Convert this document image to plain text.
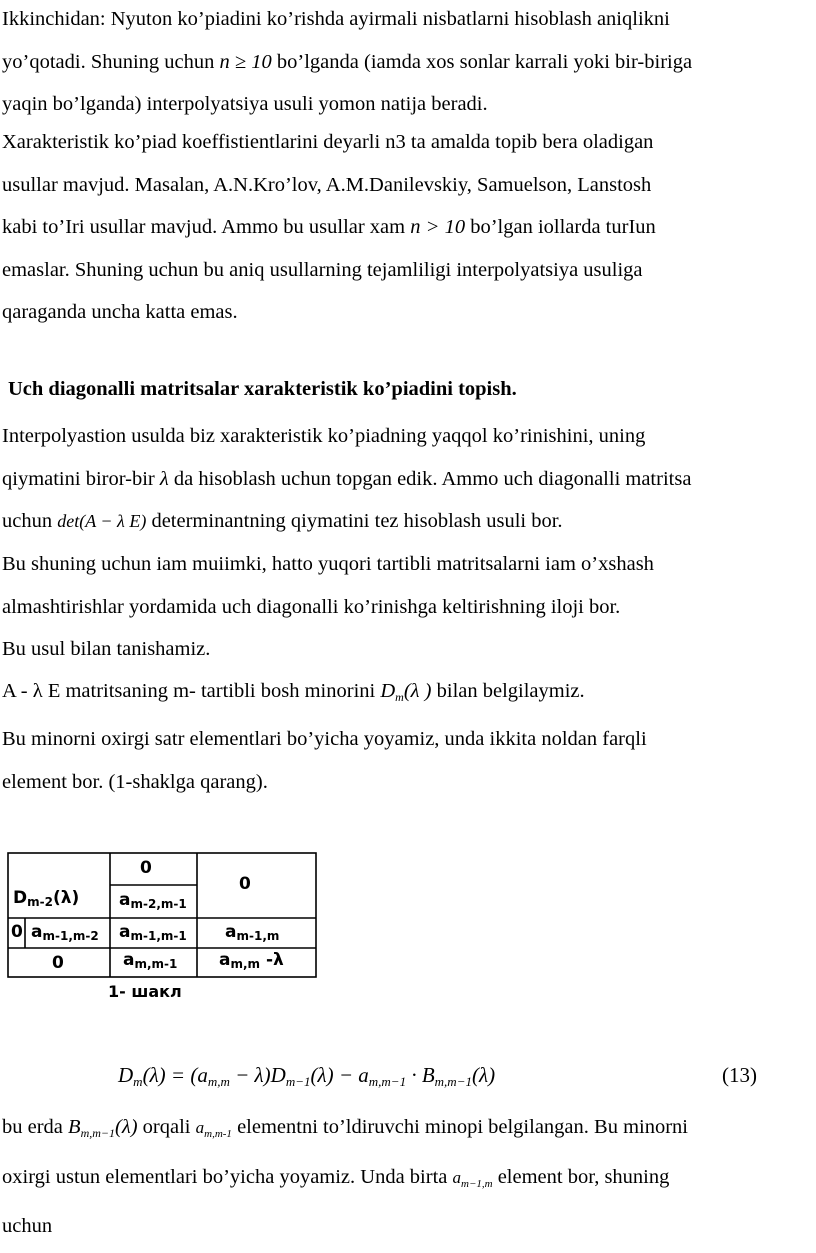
Ikkinchidan: Nyuton ko’piadini ko’rishda ayirmali nisbatlarni hisoblash aniqlikni
yo’qotadi. Shuning uchun n ≥ 10 bo’lganda (iamda xos sonlar karrali yoki bir-biriga
yaqin bo’lganda) interpolyatsiya usuli yomon natija beradi.

Xarakteristik ko’piad koeffistientlarini deyarli n3 ta amalda topib bera oladigan
usullar mavjud. Masalan, A.N.Kro’lov, A.M.Danilevskiy, Samuelson, Lanstosh
kabi to’Iri usullar mavjud. Ammo bu usullar xam n > 10 bo’lgan iollarda turIun
emaslar. Shuning uchun bu aniq usullarning tejamliligi interpolyatsiya usuliga
qaraganda uncha katta emas.

Uch diagonalli matritsalar xarakteristik ko’piadini topish.

Interpolyastion usulda biz xarakteristik ko’piadning yaqqol ko’rinishini, uning
qiymatini biror-bir λ da hisoblash uchun topgan edik. Ammo uch diagonalli matritsa
uchun det(A − λ E) determinantning qiymatini tez hisoblash usuli bor.

Bu shuning uchun iam muiimki, hatto yuqori tartibli matritsalarni iam o’xshash
almashtirishlar yordamida uch diagonalli ko’rinishga keltirishning iloji bor.
Bu usul bilan tanishamiz.

A - λ E matritsaning m- tartibli bosh minorini $D_m(\lambda$ ) bilan belgilaymiz.

Bu minorni oxirgi satr elementlari bo’yicha yoyamiz, unda ikkita noldan farqli
element bor. (1-shaklga qarang).

0
0
$D_{m-2}(\lambda)$ $a_{m-2,m-1}$
0 $a_{m-1,m-2}$ $a_{m-1,m-1}$ $a_{m-1,m}$
0	$a_{m,m-1}$ $a_{m,m}$ -λ
1- шакл
$D_m(\lambda) = (a_{m,m} - \lambda)D_{m-1}(\lambda) - a_{m,m-1} \cdot B_{m,m-1}(\lambda)$	(13)

bu erda $B_{m,m-1}(\lambda)$ orqali $a_{m,m-1}$ elementni to’ldiruvchi minopi belgilangan. Bu minorni
oxirgi ustun elementlari bo’yicha yoyamiz. Unda birta $a_{m-1,m}$ element bor, shuning
uchun
